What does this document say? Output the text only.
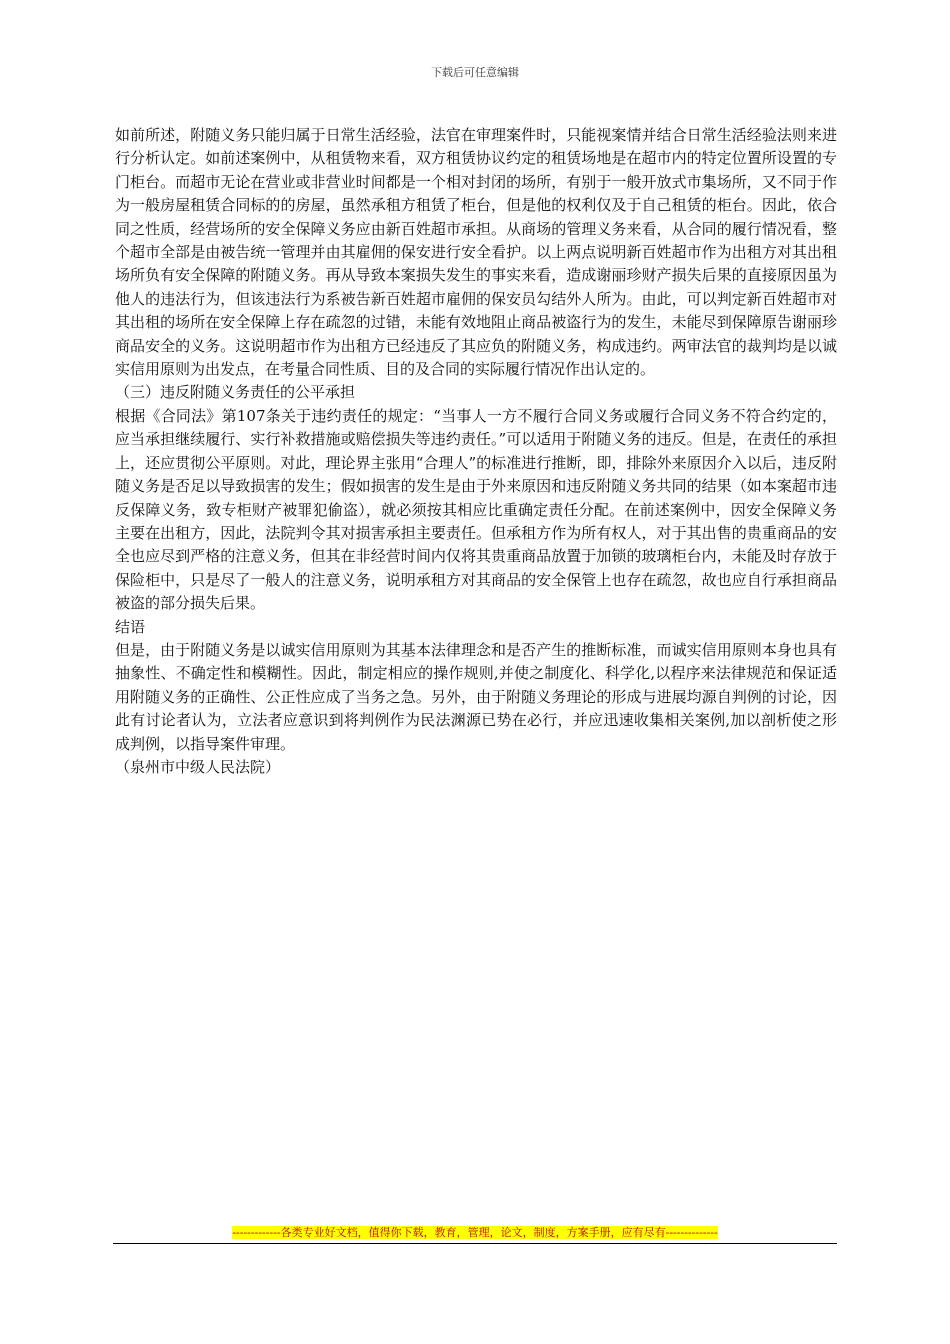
下载后可任意编辑

如前所述，附随义务只能归属于日常生活经验，法官在审理案件时，只能视案情并结合日常生活经验法则来进行分析认定。如前述案例中，从租赁物来看，双方租赁协议约定的租赁场地是在超市内的特定位置所设置的专门柜台。而超市无论在营业或非营业时间都是一个相对封闭的场所，有别于一般开放式市集场所，又不同于作为一般房屋租赁合同标的的房屋，虽然承租方租赁了柜台，但是他的权利仅及于自己租赁的柜台。因此，依合同之性质，经营场所的安全保障义务应由新百姓超市承担。从商场的管理义务来看，从合同的履行情况看，整个超市全部是由被告统一管理并由其雇佣的保安进行安全看护。以上两点说明新百姓超市作为出租方对其出租场所负有安全保障的附随义务。再从导致本案损失发生的事实来看，造成谢丽珍财产损失后果的直接原因虽为他人的违法行为，但该违法行为系被告新百姓超市雇佣的保安员勾结外人所为。由此，可以判定新百姓超市对其出租的场所在安全保障上存在疏忽的过错，未能有效地阻止商品被盗行为的发生，未能尽到保障原告谢丽珍商品安全的义务。这说明超市作为出租方已经违反了其应负的附随义务，构成违约。两审法官的裁判均是以诚实信用原则为出发点，在考量合同性质、目的及合同的实际履行情况作出认定的。

（三）违反附随义务责任的公平承担

根据《合同法》第107条关于违约责任的规定：“当事人一方不履行合同义务或履行合同义务不符合约定的，应当承担继续履行、实行补救措施或赔偿损失等违约责任。”可以适用于附随义务的违反。但是，在责任的承担上，还应贯彻公平原则。对此，理论界主张用“合理人”的标准进行推断，即，排除外来原因介入以后，违反附随义务是否足以导致损害的发生；假如损害的发生是由于外来原因和违反附随义务共同的结果（如本案超市违反保障义务，致专柜财产被罪犯偷盗），就必须按其相应比重确定责任分配。在前述案例中，因安全保障义务主要在出租方，因此，法院判令其对损害承担主要责任。但承租方作为所有权人，对于其出售的贵重商品的安全也应尽到严格的注意义务，但其在非经营时间内仅将其贵重商品放置于加锁的玻璃柜台内，未能及时存放于保险柜中，只是尽了一般人的注意义务，说明承租方对其商品的安全保管上也存在疏忽，故也应自行承担商品被盗的部分损失后果。

结语

但是，由于附随义务是以诚实信用原则为其基本法律理念和是否产生的推断标准，而诚实信用原则本身也具有抽象性、不确定性和模糊性。因此，制定相应的操作规则,并使之制度化、科学化,以程序来法律规范和保证适用附随义务的正确性、公正性应成了当务之急。另外，由于附随义务理论的形成与进展均源自判例的讨论，因此有讨论者认为，立法者应意识到将判例作为民法渊源已势在必行，并应迅速收集相关案例,加以剖析使之形成判例，以指导案件审理。

（泉州市中级人民法院）

-------------各类专业好文档，值得你下载，教育，管理，论文，制度，方案手册，应有尽有--------------
